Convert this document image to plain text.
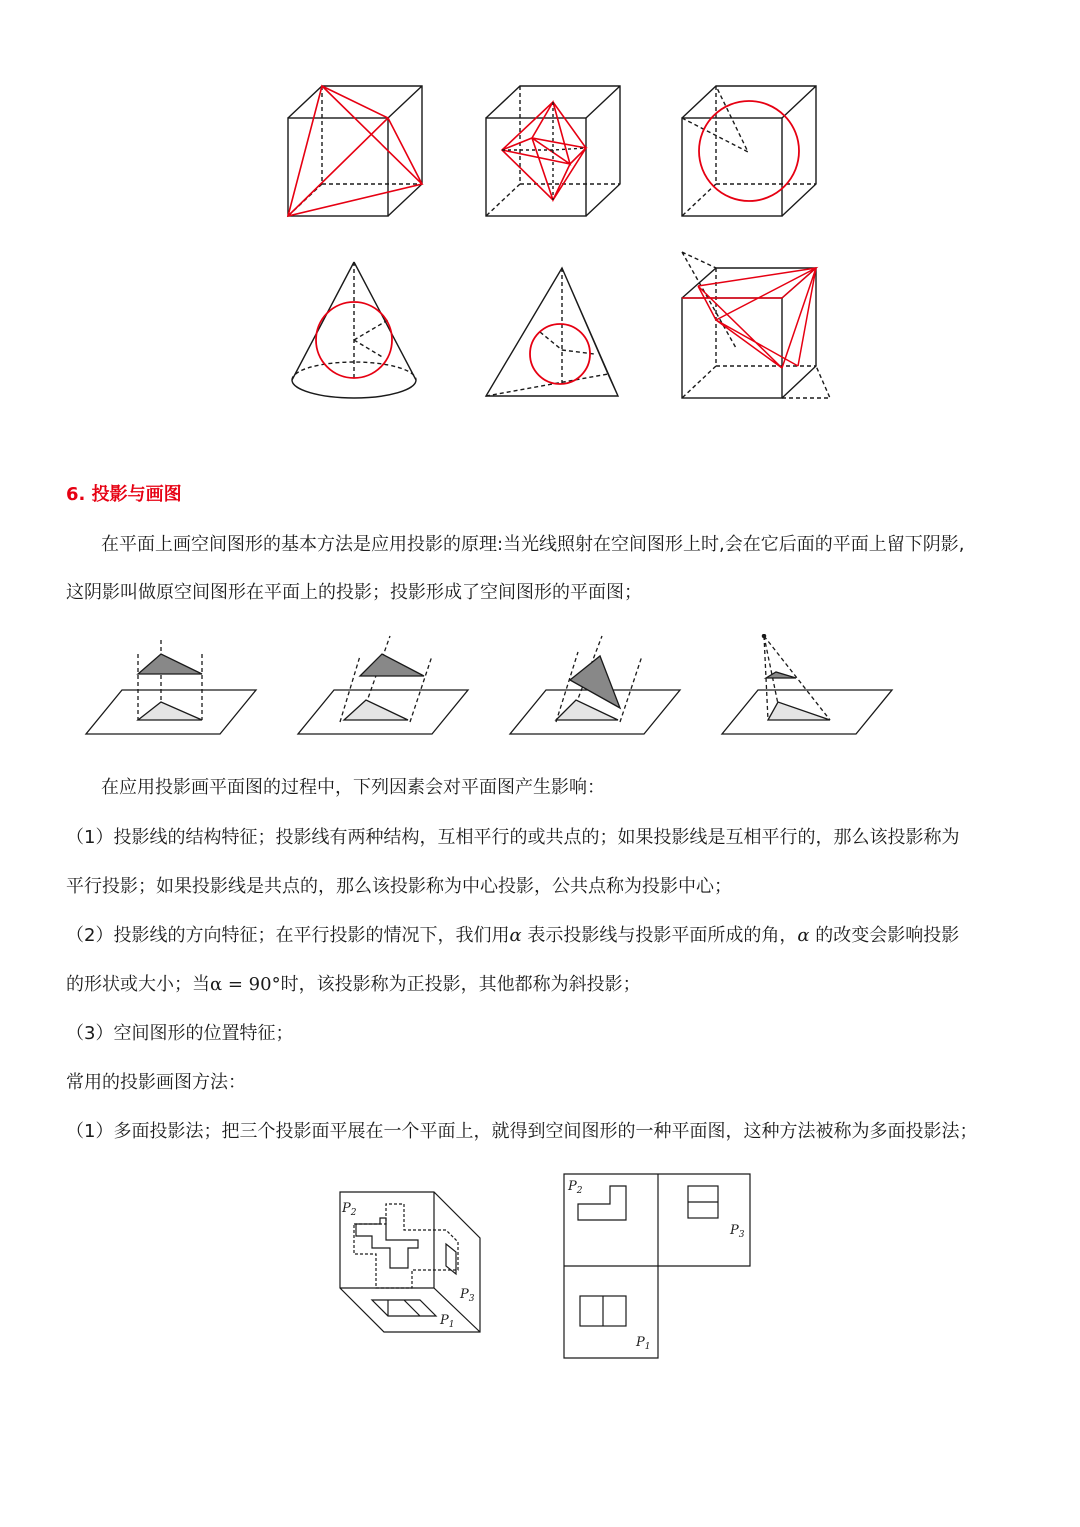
6. 投影与画图
在平面上画空间图形的基本方法是应用投影的原理:当光线照射在空间图形上时,会在它后面的平面上留下阴影,
这阴影叫做原空间图形在平面上的投影；投影形成了空间图形的平面图；
在应用投影画平面图的过程中，下列因素会对平面图产生影响：
（1）投影线的结构特征；投影线有两种结构，互相平行的或共点的；如果投影线是互相平行的，那么该投影称为
平行投影；如果投影线是共点的，那么该投影称为中心投影，公共点称为投影中心；
（2）投影线的方向特征；在平行投影的情况下，我们用α 表示投影线与投影平面所成的角，α 的改变会影响投影
的形状或大小；当α = 90°时，该投影称为正投影，其他都称为斜投影；
（3）空间图形的位置特征；
常用的投影画图方法：
（1）多面投影法；把三个投影面平展在一个平面上，就得到空间图形的一种平面图，这种方法被称为多面投影法；
$P_2$
$P_3$
$P_1$
$P_2$
$P_3$
$P_1$
